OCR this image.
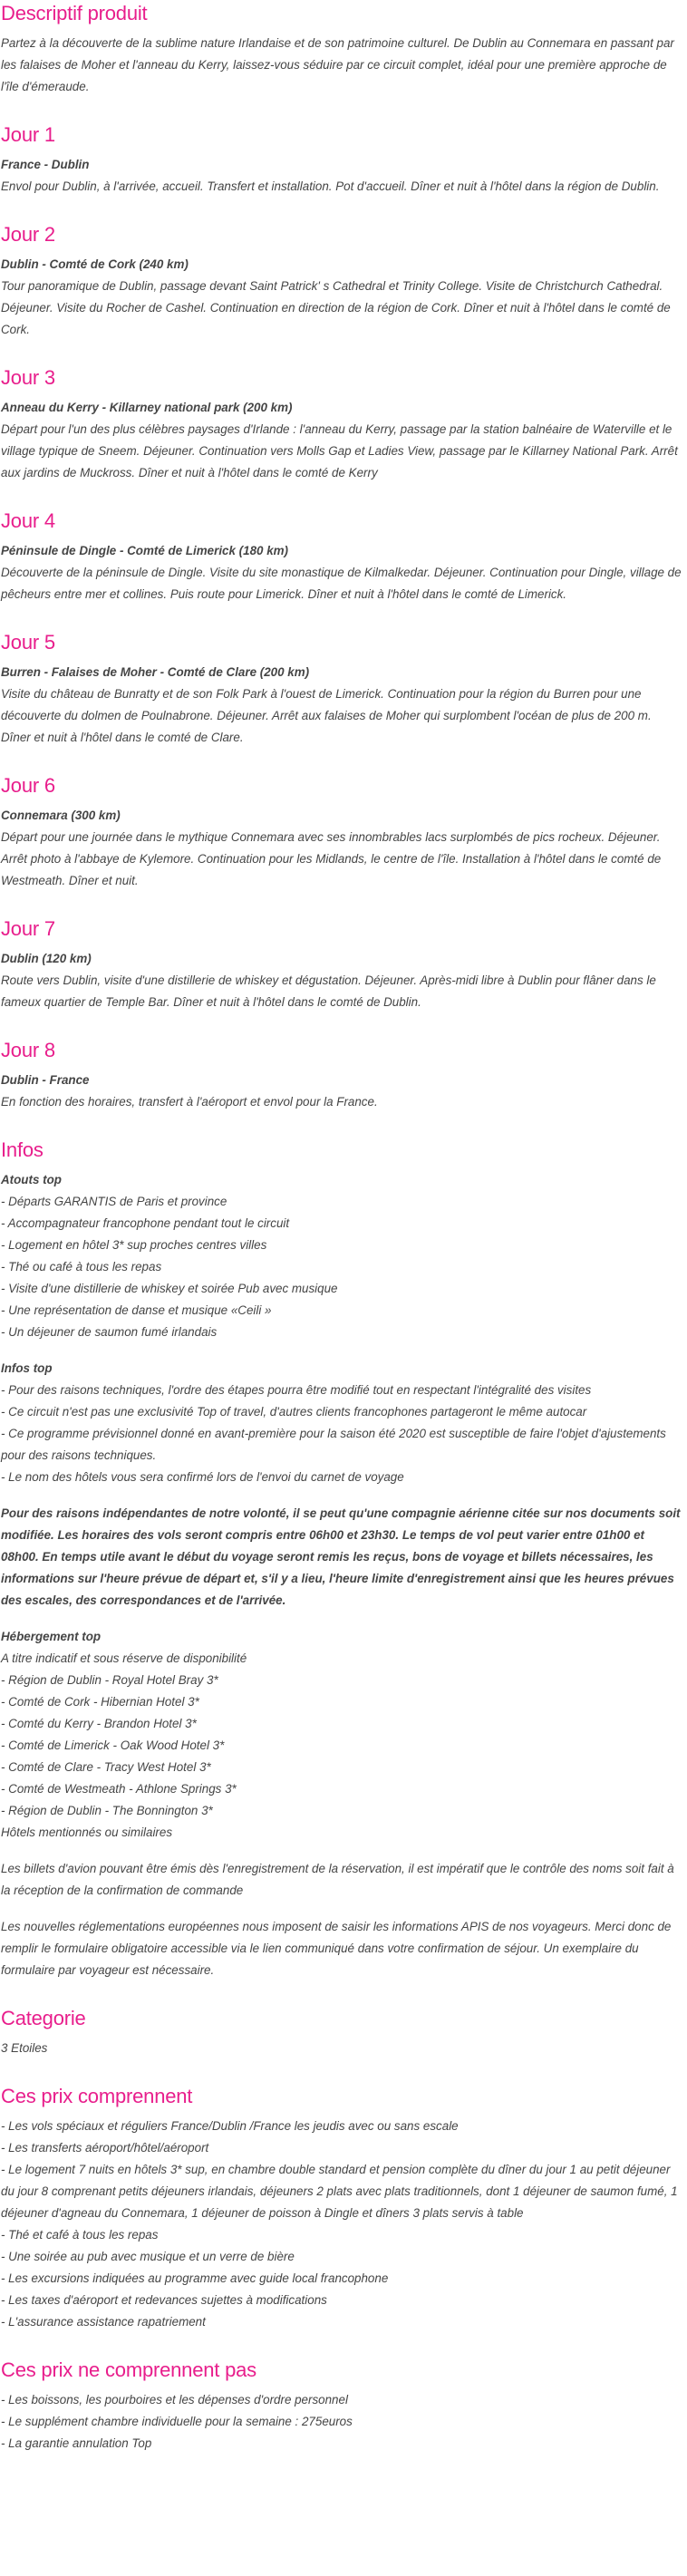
Descriptif produit

Partez à la découverte de la sublime nature Irlandaise et de son patrimoine culturel. De Dublin au Connemara en passant par les falaises de Moher et l'anneau du Kerry, laissez-vous séduire par ce circuit complet, idéal pour une première approche de l'île d'émeraude.

Jour 1

France - Dublin

Envol pour Dublin, à l'arrivée, accueil. Transfert et installation. Pot d'accueil. Dîner et nuit à l'hôtel dans la région de Dublin.

Jour 2

Dublin - Comté de Cork (240 km)

Tour panoramique de Dublin, passage devant Saint Patrick' s Cathedral et Trinity College. Visite de Christchurch Cathedral. Déjeuner. Visite du Rocher de Cashel. Continuation en direction de la région de Cork. Dîner et nuit à l'hôtel dans le comté de Cork.

Jour 3

Anneau du Kerry - Killarney national park (200 km)

Départ pour l'un des plus célèbres paysages d'Irlande : l'anneau du Kerry, passage par la station balnéaire de Waterville et le village typique de Sneem. Déjeuner. Continuation vers Molls Gap et Ladies View, passage par le Killarney National Park. Arrêt aux jardins de Muckross. Dîner et nuit à l'hôtel dans le comté de Kerry

Jour 4

Péninsule de Dingle - Comté de Limerick (180 km)

Découverte de la péninsule de Dingle. Visite du site monastique de Kilmalkedar. Déjeuner. Continuation pour Dingle, village de pêcheurs entre mer et collines. Puis route pour Limerick. Dîner et nuit à l'hôtel dans le comté de Limerick.

Jour 5

Burren - Falaises de Moher - Comté de Clare (200 km)

Visite du château de Bunratty et de son Folk Park à l'ouest de Limerick. Continuation pour la région du Burren pour une découverte du dolmen de Poulnabrone. Déjeuner. Arrêt aux falaises de Moher qui surplombent l'océan de plus de 200 m. Dîner et nuit à l'hôtel dans le comté de Clare.

Jour 6

Connemara (300 km)

Départ pour une journée dans le mythique Connemara avec ses innombrables lacs surplombés de pics rocheux. Déjeuner. Arrêt photo à l'abbaye de Kylemore. Continuation pour les Midlands, le centre de l'île. Installation à l'hôtel dans le comté de Westmeath. Dîner et nuit.

Jour 7

Dublin (120 km)

Route vers Dublin, visite d'une distillerie de whiskey et dégustation. Déjeuner. Après-midi libre à Dublin pour flâner dans le fameux quartier de Temple Bar. Dîner et nuit à l'hôtel dans le comté de Dublin.

Jour 8

Dublin - France

En fonction des horaires, transfert à l'aéroport et envol pour la France.

Infos

Atouts top

- Départs GARANTIS de Paris et province
- Accompagnateur francophone pendant tout le circuit
- Logement en hôtel 3* sup proches centres villes
- Thé ou café à tous les repas
- Visite d'une distillerie de whiskey et soirée Pub avec musique
- Une représentation de danse et musique «Ceili »
- Un déjeuner de saumon fumé irlandais

Infos top

- Pour des raisons techniques, l'ordre des étapes pourra être modifié tout en respectant l'intégralité des visites
- Ce circuit n'est pas une exclusivité Top of travel, d'autres clients francophones partageront le même autocar
- Ce programme prévisionnel donné en avant-première pour la saison été 2020 est susceptible de faire l'objet d'ajustements pour des raisons techniques.
- Le nom des hôtels vous sera confirmé lors de l'envoi du carnet de voyage

Pour des raisons indépendantes de notre volonté, il se peut qu'une compagnie aérienne citée sur nos documents soit modifiée. Les horaires des vols seront compris entre 06h00 et 23h30. Le temps de vol peut varier entre 01h00 et 08h00. En temps utile avant le début du voyage seront remis les reçus, bons de voyage et billets nécessaires, les informations sur l'heure prévue de départ et, s'il y a lieu, l'heure limite d'enregistrement ainsi que les heures prévues des escales, des correspondances et de l'arrivée.

Hébergement top

A titre indicatif et sous réserve de disponibilité
- Région de Dublin - Royal Hotel Bray 3*
- Comté de Cork - Hibernian Hotel 3*
- Comté du Kerry - Brandon Hotel 3*
- Comté de Limerick - Oak Wood Hotel 3*
- Comté de Clare - Tracy West Hotel 3*
- Comté de Westmeath - Athlone Springs 3*
- Région de Dublin - The Bonnington 3*
Hôtels mentionnés ou similaires

Les billets d'avion pouvant être émis dès l'enregistrement de la réservation, il est impératif que le contrôle des noms soit fait à la réception de la confirmation de commande

Les nouvelles réglementations européennes nous imposent de saisir les informations APIS de nos voyageurs. Merci donc de remplir le formulaire obligatoire accessible via le lien communiqué dans votre confirmation de séjour. Un exemplaire du formulaire par voyageur est nécessaire.

Categorie

3 Etoiles

Ces prix comprennent
- Les vols spéciaux et réguliers France/Dublin /France les jeudis avec ou sans escale
- Les transferts aéroport/hôtel/aéroport
- Le logement 7 nuits en hôtels 3* sup, en chambre double standard et pension complète du dîner du jour 1 au petit déjeuner du jour 8 comprenant petits déjeuners irlandais, déjeuners 2 plats avec plats traditionnels, dont 1 déjeuner de saumon fumé, 1 déjeuner d'agneau du Connemara, 1 déjeuner de poisson à Dingle et dîners 3 plats servis à table
- Thé et café à tous les repas
- Une soirée au pub avec musique et un verre de bière
- Les excursions indiquées au programme avec guide local francophone
- Les taxes d'aéroport et redevances sujettes à modifications
- L'assurance assistance rapatriement
Ces prix ne comprennent pas
- Les boissons, les pourboires et les dépenses d'ordre personnel
- Le supplément chambre individuelle pour la semaine : 275euros
- La garantie annulation Top
